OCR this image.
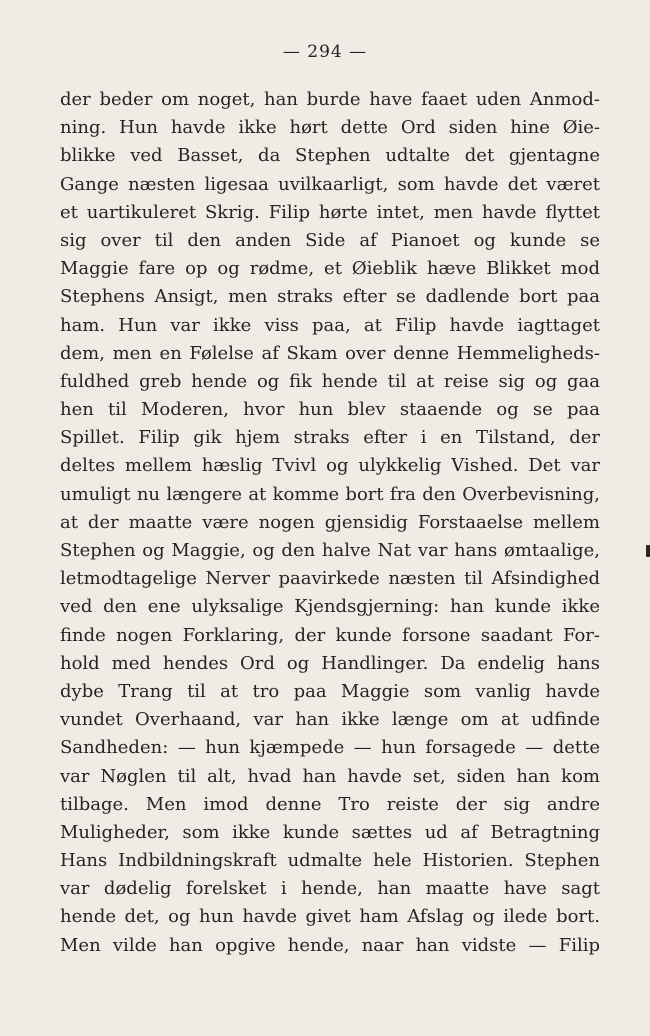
— 294 —
der beder om noget, han burde have faaet uden Anmod-
ning. Hun havde ikke hørt dette Ord siden hine Øie-
blikke ved Basset, da Stephen udtalte det gjentagne
Gange næsten ligesaa uvilkaarligt, som havde det været
et uartikuleret Skrig. Filip hørte intet, men havde flyttet
sig over til den anden Side af Pianoet og kunde se
Maggie fare op og rødme, et Øieblik hæve Blikket mod
Stephens Ansigt, men straks efter se dadlende bort paa
ham. Hun var ikke viss paa, at Filip havde iagttaget
dem, men en Følelse af Skam over denne Hemmeligheds-
fuldhed greb hende og fik hende til at reise sig og gaa
hen til Moderen, hvor hun blev staaende og se paa
Spillet. Filip gik hjem straks efter i en Tilstand, der
deltes mellem hæslig Tvivl og ulykkelig Vished. Det var
umuligt nu længere at komme bort fra den Overbevisning,
at der maatte være nogen gjensidig Forstaaelse mellem
Stephen og Maggie, og den halve Nat var hans ømtaalige,
letmodtagelige Nerver paavirkede næsten til Afsindighed
ved den ene ulyksalige Kjendsgjerning: han kunde ikke
finde nogen Forklaring, der kunde forsone saadant For-
hold med hendes Ord og Handlinger. Da endelig hans
dybe Trang til at tro paa Maggie som vanlig havde
vundet Overhaand, var han ikke længe om at udfinde
Sandheden: — hun kjæmpede — hun forsagede — dette
var Nøglen til alt, hvad han havde set, siden han kom
tilbage. Men imod denne Tro reiste der sig andre
Muligheder, som ikke kunde sættes ud af Betragtning
Hans Indbildningskraft udmalte hele Historien. Stephen
var dødelig forelsket i hende, han maatte have sagt
hende det, og hun havde givet ham Afslag og ilede bort.
Men vilde han opgive hende, naar han vidste — Filip
